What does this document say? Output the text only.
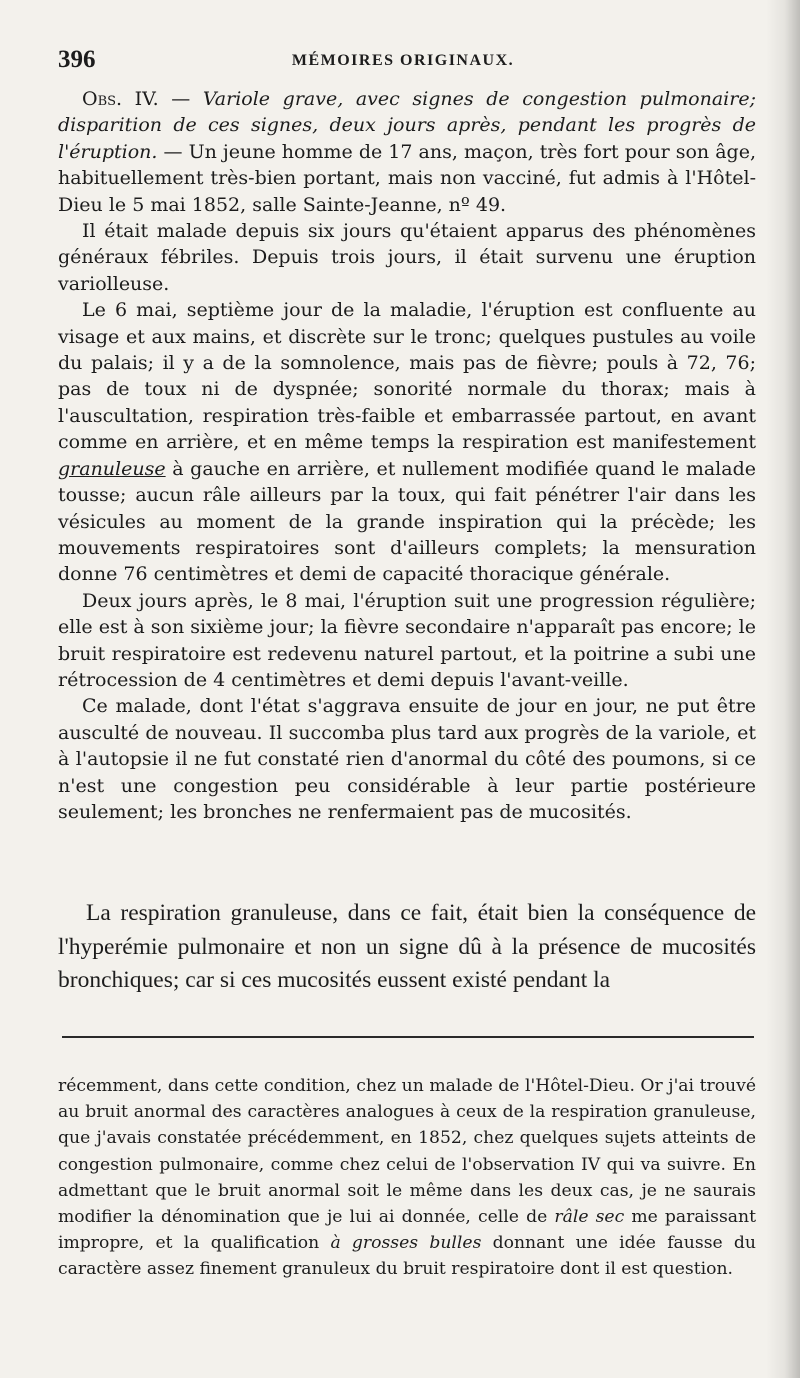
396	MÉMOIRES ORIGINAUX.

Obs. IV. — Variole grave, avec signes de congestion pulmonaire; disparition de ces signes, deux jours après, pendant les progrès de l'éruption. — Un jeune homme de 17 ans, maçon, très fort pour son âge, habituellement très-bien portant, mais non vacciné, fut admis à l'Hôtel-Dieu le 5 mai 1852, salle Sainte-Jeanne, nº 49.

Il était malade depuis six jours qu'étaient apparus des phénomènes généraux fébriles. Depuis trois jours, il était survenu une éruption variolleuse.

Le 6 mai, septième jour de la maladie, l'éruption est confluente au visage et aux mains, et discrète sur le tronc; quelques pustules au voile du palais; il y a de la somnolence, mais pas de fièvre; pouls à 72, 76; pas de toux ni de dyspnée; sonorité normale du thorax; mais à l'auscultation, respiration très-faible et embarrassée partout, en avant comme en arrière, et en même temps la respiration est manifestement granuleuse à gauche en arrière, et nullement modifiée quand le malade tousse; aucun râle ailleurs par la toux, qui fait pénétrer l'air dans les vésicules au moment de la grande inspiration qui la précède; les mouvements respiratoires sont d'ailleurs complets; la mensuration donne 76 centimètres et demi de capacité thoracique générale.

Deux jours après, le 8 mai, l'éruption suit une progression régulière; elle est à son sixième jour; la fièvre secondaire n'apparaît pas encore; le bruit respiratoire est redevenu naturel partout, et la poitrine a subi une rétrocession de 4 centimètres et demi depuis l'avant-veille.

Ce malade, dont l'état s'aggrava ensuite de jour en jour, ne put être ausculté de nouveau. Il succomba plus tard aux progrès de la variole, et à l'autopsie il ne fut constaté rien d'anormal du côté des poumons, si ce n'est une congestion peu considérable à leur partie postérieure seulement; les bronches ne renfermaient pas de mucosités.

La respiration granuleuse, dans ce fait, était bien la conséquence de l'hyperémie pulmonaire et non un signe dû à la présence de mucosités bronchiques; car si ces mucosités eussent existé pendant la

récemment, dans cette condition, chez un malade de l'Hôtel-Dieu. Or j'ai trouvé au bruit anormal des caractères analogues à ceux de la respiration granuleuse, que j'avais constatée précédemment, en 1852, chez quelques sujets atteints de congestion pulmonaire, comme chez celui de l'observation IV qui va suivre. En admettant que le bruit anormal soit le même dans les deux cas, je ne saurais modifier la dénomination que je lui ai donnée, celle de râle sec me paraissant impropre, et la qualification à grosses bulles donnant une idée fausse du caractère assez finement granuleux du bruit respiratoire dont il est question.
